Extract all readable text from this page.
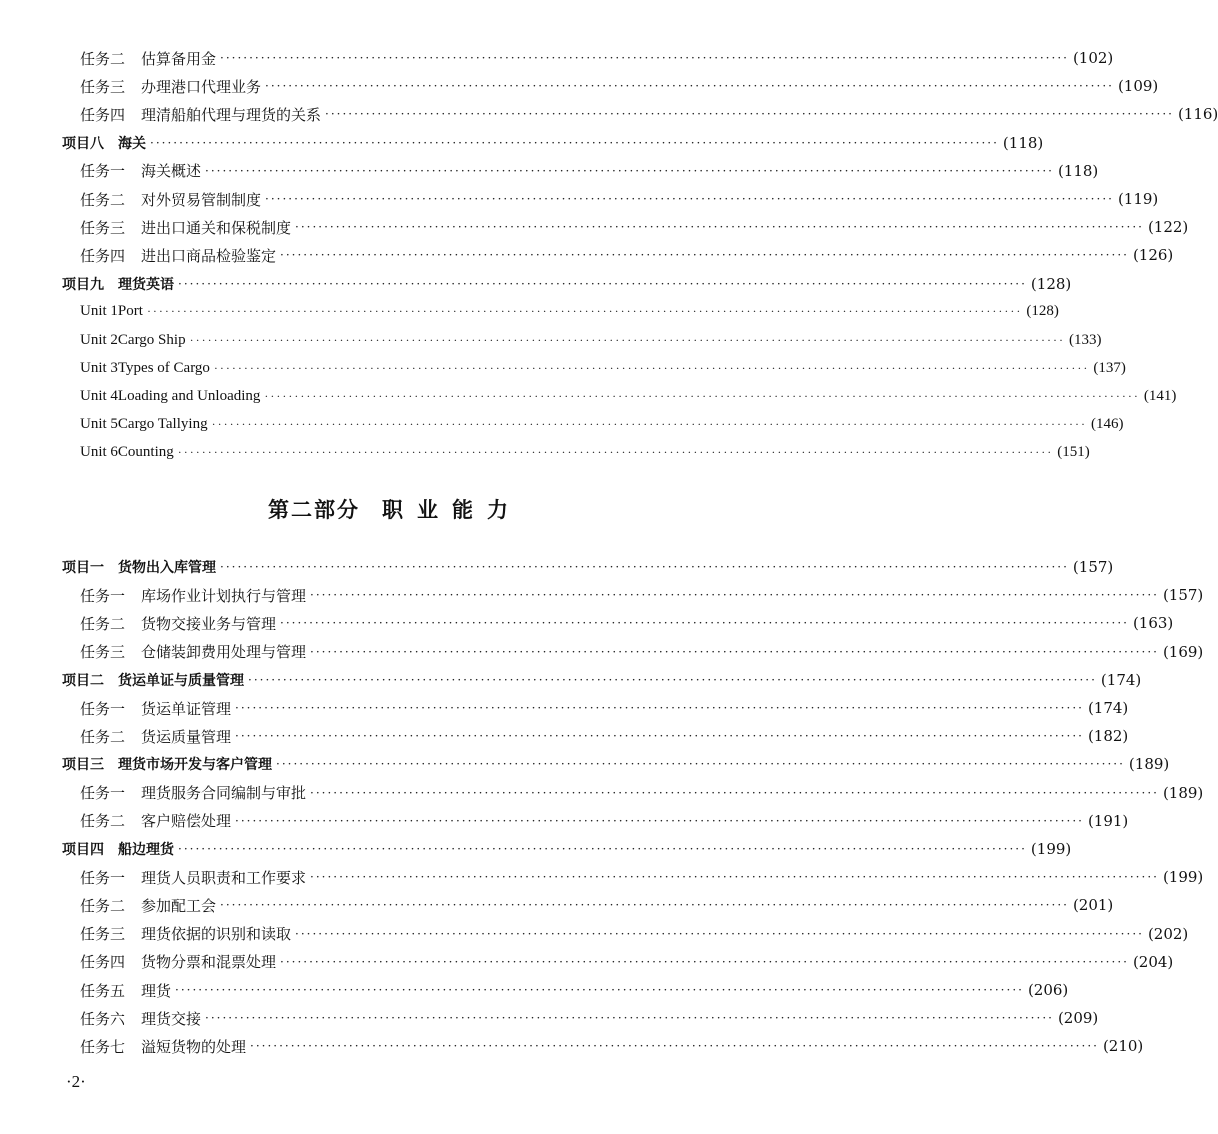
任务二 估算备用金 ·····	(102)
任务三 办理港口代理业务 ·····	(109)
任务四 理清船舶代理与理货的关系 ·····	(116)
项目八 海关 ·····	(118)
任务一 海关概述 ·····	(118)
任务二 对外贸易管制制度 ·····	(119)
任务三 进出口通关和保税制度 ·····	(122)
任务四 进出口商品检验鉴定 ·····	(126)
项目九 理货英语 ·····	(128)
Unit 1 Port ·····	(128)
Unit 2 Cargo Ship ·····	(133)
Unit 3 Types of Cargo ·····	(137)
Unit 4 Loading and Unloading ·····	(141)
Unit 5 Cargo Tallying ·····	(146)
Unit 6 Counting ·····	(151)
项目一 货物出入库管理 ·····	(157)
任务一 库场作业计划执行与管理 ·····	(157)
任务二 货物交接业务与管理 ·····	(163)
任务三 仓储装卸费用处理与管理 ·····	(169)
项目二 货运单证与质量管理 ·····	(174)
任务一 货运单证管理 ·····	(174)
任务二 货运质量管理 ·····	(182)
项目三 理货市场开发与客户管理 ·····	(189)
任务一 理货服务合同编制与审批 ·····	(189)
任务二 客户赔偿处理 ·····	(191)
项目四 船边理货 ·····	(199)
任务一 理货人员职责和工作要求 ·····	(199)
任务二 参加配工会 ·····	(201)
任务三 理货依据的识别和读取 ·····	(202)
任务四 货物分票和混票处理 ·····	(204)
任务五 理货 ·····	(206)
任务六 理货交接 ·····	(209)
任务七 溢短货物的处理 ·····	(210)
第二部分 职业能力
·2·
